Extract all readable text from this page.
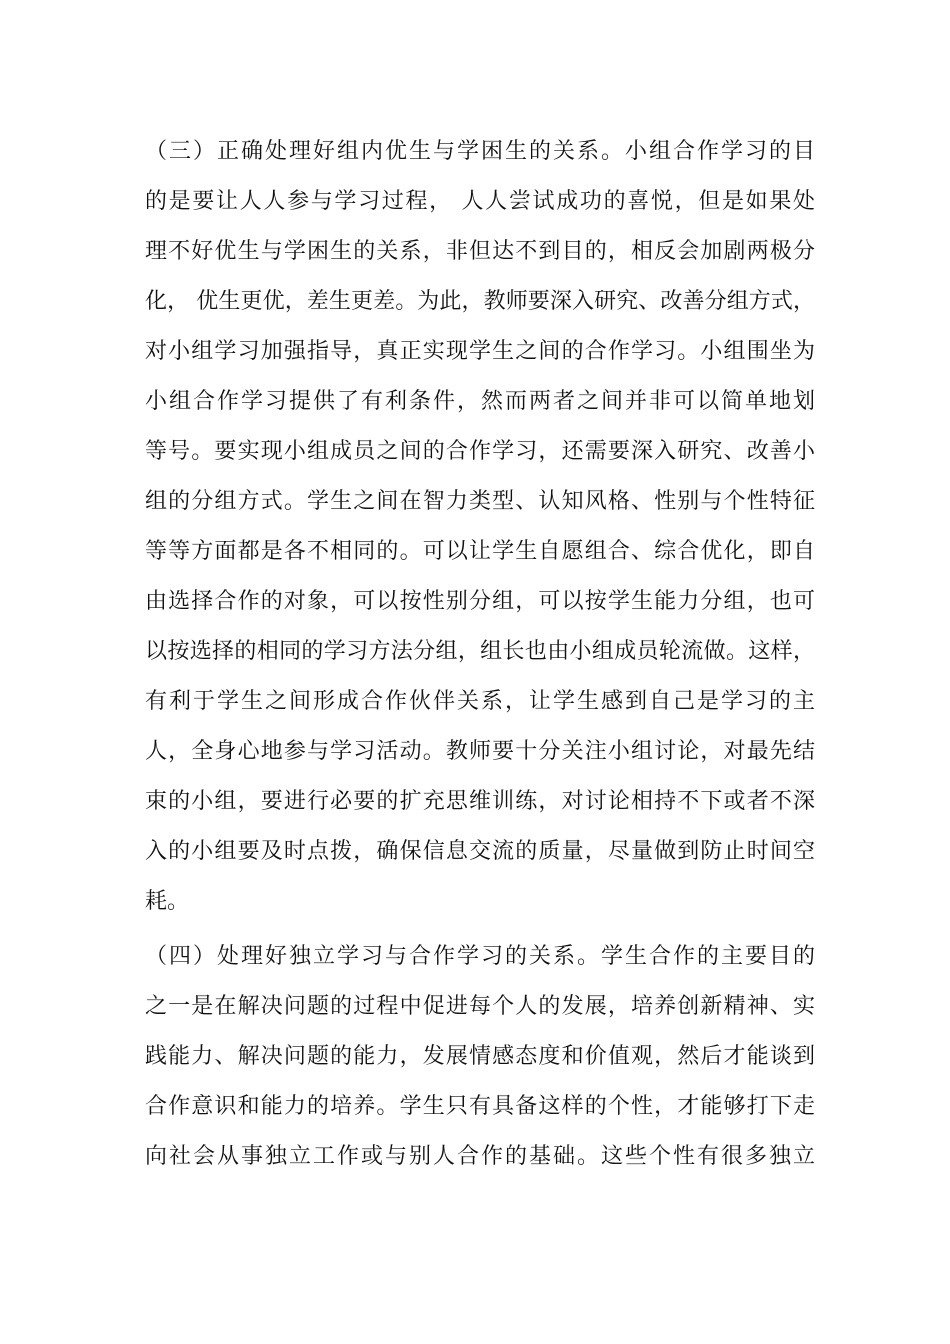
（三）正确处理好组内优生与学困生的关系。小组合作学习的目
的是要让人人参与学习过程， 人人尝试成功的喜悦，但是如果处
理不好优生与学困生的关系，非但达不到目的，相反会加剧两极分
化， 优生更优，差生更差。为此，教师要深入研究、改善分组方式，
对小组学习加强指导，真正实现学生之间的合作学习。小组围坐为
小组合作学习提供了有利条件，然而两者之间并非可以简单地划
等号。要实现小组成员之间的合作学习，还需要深入研究、改善小
组的分组方式。学生之间在智力类型、认知风格、性别与个性特征
等等方面都是各不相同的。可以让学生自愿组合、综合优化，即自
由选择合作的对象，可以按性别分组，可以按学生能力分组，也可
以按选择的相同的学习方法分组，组长也由小组成员轮流做。这样，
有利于学生之间形成合作伙伴关系，让学生感到自己是学习的主
人，全身心地参与学习活动。教师要十分关注小组讨论，对最先结
束的小组，要进行必要的扩充思维训练，对讨论相持不下或者不深
入的小组要及时点拨，确保信息交流的质量，尽量做到防止时间空
耗。
（四）处理好独立学习与合作学习的关系。学生合作的主要目的
之一是在解决问题的过程中促进每个人的发展，培养创新精神、实
践能力、解决问题的能力，发展情感态度和价值观，然后才能谈到
合作意识和能力的培养。学生只有具备这样的个性，才能够打下走
向社会从事独立工作或与别人合作的基础。这些个性有很多独立
